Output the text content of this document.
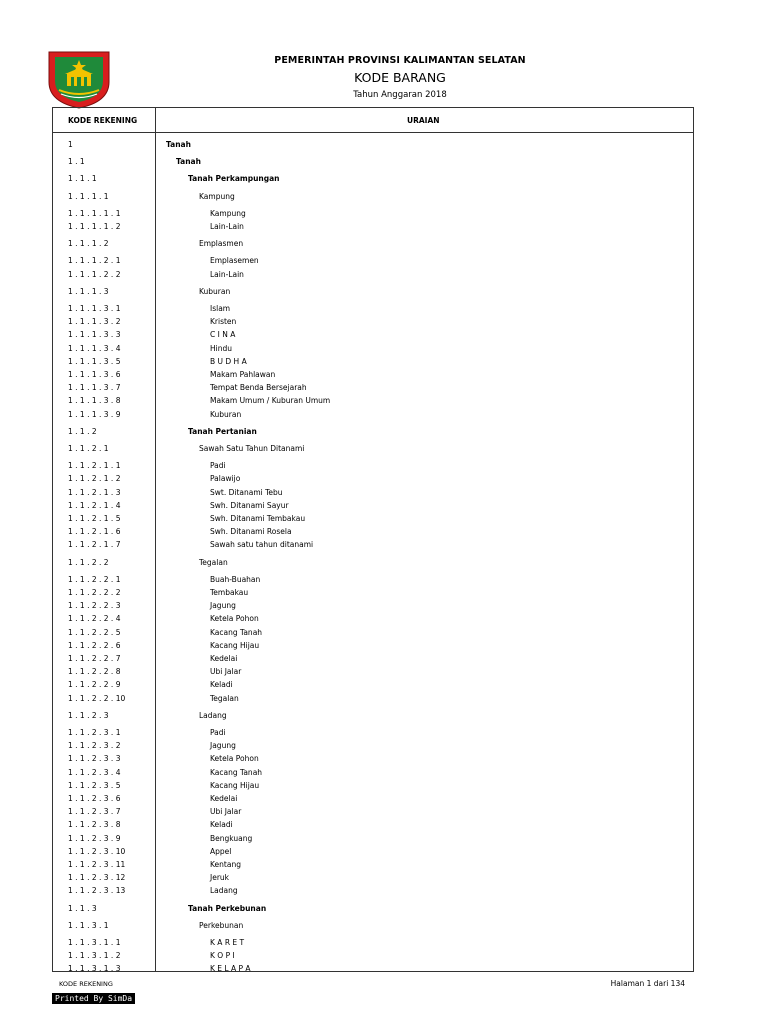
PEMERINTAH PROVINSI KALIMANTAN SELATAN
KODE BARANG
Tahun Anggaran 2018
KODE REKENING	URAIAN
1	Tanah
1 . 1	Tanah
1 . 1 . 1	Tanah Perkampungan
1 . 1 . 1 . 1	Kampung
1 . 1 . 1 . 1 . 1	Kampung
1 . 1 . 1 . 1 . 2	Lain-Lain
1 . 1 . 1 . 2	Emplasmen
1 . 1 . 1 . 2 . 1	Emplasemen
1 . 1 . 1 . 2 . 2	Lain-Lain
1 . 1 . 1 . 3	Kuburan
1 . 1 . 1 . 3 . 1	Islam
1 . 1 . 1 . 3 . 2	Kristen
1 . 1 . 1 . 3 . 3	C I N A
1 . 1 . 1 . 3 . 4	Hindu
1 . 1 . 1 . 3 . 5	B U D H A
1 . 1 . 1 . 3 . 6	Makam Pahlawan
1 . 1 . 1 . 3 . 7	Tempat Benda Bersejarah
1 . 1 . 1 . 3 . 8	Makam Umum / Kuburan Umum
1 . 1 . 1 . 3 . 9	Kuburan
1 . 1 . 2	Tanah Pertanian
1 . 1 . 2 . 1	Sawah Satu Tahun Ditanami
1 . 1 . 2 . 1 . 1	Padi
1 . 1 . 2 . 1 . 2	Palawijo
1 . 1 . 2 . 1 . 3	Swt. Ditanami Tebu
1 . 1 . 2 . 1 . 4	Swh. Ditanami Sayur
1 . 1 . 2 . 1 . 5	Swh. Ditanami Tembakau
1 . 1 . 2 . 1 . 6	Swh. Ditanami Rosela
1 . 1 . 2 . 1 . 7	Sawah satu tahun ditanami
1 . 1 . 2 . 2	Tegalan
1 . 1 . 2 . 2 . 1	Buah-Buahan
1 . 1 . 2 . 2 . 2	Tembakau
1 . 1 . 2 . 2 . 3	Jagung
1 . 1 . 2 . 2 . 4	Ketela Pohon
1 . 1 . 2 . 2 . 5	Kacang Tanah
1 . 1 . 2 . 2 . 6	Kacang Hijau
1 . 1 . 2 . 2 . 7	Kedelai
1 . 1 . 2 . 2 . 8	Ubi Jalar
1 . 1 . 2 . 2 . 9	Keladi
1 . 1 . 2 . 2 . 10	Tegalan
1 . 1 . 2 . 3	Ladang
1 . 1 . 2 . 3 . 1	Padi
1 . 1 . 2 . 3 . 2	Jagung
1 . 1 . 2 . 3 . 3	Ketela Pohon
1 . 1 . 2 . 3 . 4	Kacang Tanah
1 . 1 . 2 . 3 . 5	Kacang Hijau
1 . 1 . 2 . 3 . 6	Kedelai
1 . 1 . 2 . 3 . 7	Ubi Jalar
1 . 1 . 2 . 3 . 8	Keladi
1 . 1 . 2 . 3 . 9	Bengkuang
1 . 1 . 2 . 3 . 10	Appel
1 . 1 . 2 . 3 . 11	Kentang
1 . 1 . 2 . 3 . 12	Jeruk
1 . 1 . 2 . 3 . 13	Ladang
1 . 1 . 3	Tanah Perkebunan
1 . 1 . 3 . 1	Perkebunan
1 . 1 . 3 . 1 . 1	K A R E T
1 . 1 . 3 . 1 . 2	K O P I
1 . 1 . 3 . 1 . 3	K E L A P A
KODE REKENING	Halaman 1 dari 134
Printed By SimDa
